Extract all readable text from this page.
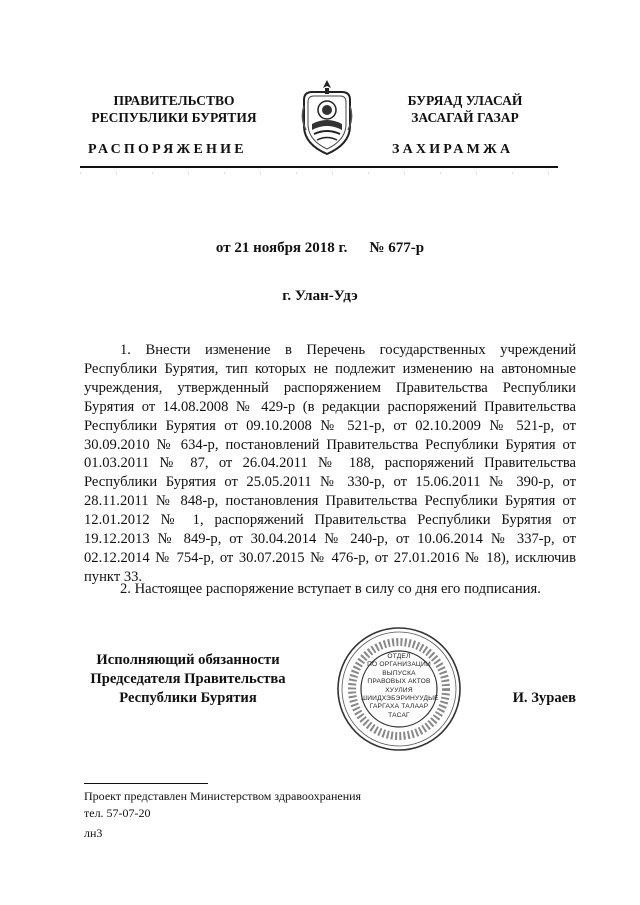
ПРАВИТЕЛЬСТВО
РЕСПУБЛИКИ БУРЯТИЯ
БУРЯАД УЛАСАЙ
ЗАСАГАЙ ГАЗАР
РАСПОРЯЖЕНИЕ	ЗАХИРАМЖА
от 21 ноября 2018 г. № 677-р
г. Улан-Удэ

1. Внести изменение в Перечень государственных учреждений Республики Бурятия, тип которых не подлежит изменению на автономные учреждения, утвержденный распоряжением Правительства Республики Бурятия от 14.08.2008 № 429-р (в редакции распоряжений Правительства Республики Бурятия от 09.10.2008 № 521-р, от 02.10.2009 № 521-р, от 30.09.2010 № 634-р, постановлений Правительства Республики Бурятия от 01.03.2011 № 87, от 26.04.2011 № 188, распоряжений Правительства Республики Бурятия от 25.05.2011 № 330-р, от 15.06.2011 № 390-р, от 28.11.2011 № 848-р, постановления Правительства Республики Бурятия от 12.01.2012 № 1, распоряжений Правительства Республики Бурятия от 19.12.2013 № 849-р, от 30.04.2014 № 240-р, от 10.06.2014 № 337-р, от 02.12.2014 № 754-р, от 30.07.2015 № 476-р, от 27.01.2016 № 18), исключив пункт 33.

2. Настоящее распоряжение вступает в силу со дня его подписания.

Исполняющий обязанности
Председателя Правительства
Республики Бурятия	И. Зураев
ОТДЕЛ
ПО ОРГАНИЗАЦИИ
ВЫПУСКА
ПРАВОВЫХ АКТОВ
ХУУЛИЯ
ШИИДХЭБЭРИНУУДЫЕ
ГАРГАХА ТАЛААР
ТАСАГ
Проект представлен Министерством здравоохранения
тел. 57-07-20
лн3
